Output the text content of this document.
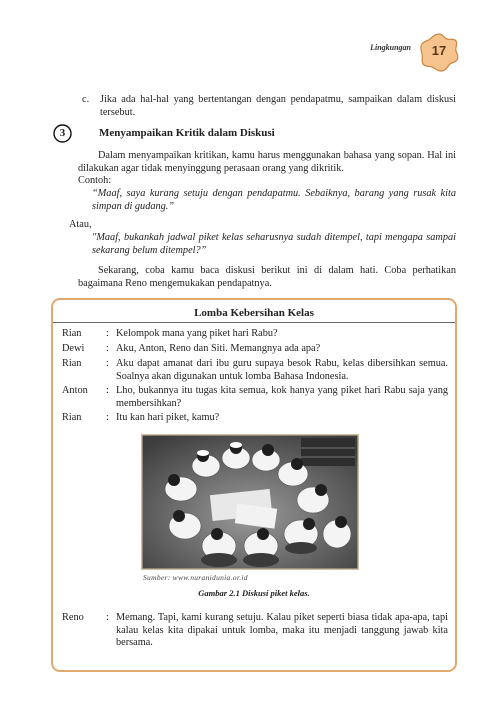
Lingkungan	17
c. Jika ada hal-hal yang bertentangan dengan pendapatmu, sampaikan dalam diskusi tersebut.
3	Menyampaikan Kritik dalam Diskusi
Dalam menyampaikan kritikan, kamu harus menggunakan bahasa yang sopan. Hal ini dilakukan agar tidak menyinggung perasaan orang yang dikritik.
Contoh:
“Maaf, saya kurang setuju dengan pendapatmu. Sebaiknya, barang yang rusak kita simpan di gudang.”
Atau,
"Maaf, bukankah jadwal piket kelas seharusnya sudah ditempel, tapi mengapa sampai sekarang belum ditempel?”
Sekarang, coba kamu baca diskusi berikut ini di dalam hati. Coba perhatikan bagaimana Reno mengemukakan pendapatnya.
Lomba Kebersihan Kelas
Rian : Kelompok mana yang piket hari Rabu?
Dewi : Aku, Anton, Reno dan Siti. Memangnya ada apa?
Rian : Aku dapat amanat dari ibu guru supaya besok Rabu, kelas dibersihkan semua. Soalnya akan digunakan untuk lomba Bahasa Indonesia.
Anton : Lho, bukannya itu tugas kita semua, kok hanya yang piket hari Rabu saja yang membersihkan?
Rian : Itu kan hari piket, kamu?
Sumber: www.nuranidunia.or.id
Gambar 2.1 Diskusi piket kelas.
Reno : Memang. Tapi, kami kurang setuju. Kalau piket seperti biasa tidak apa-apa, tapi kalau kelas kita dipakai untuk lomba, maka itu menjadi tanggung jawab kita bersama.
